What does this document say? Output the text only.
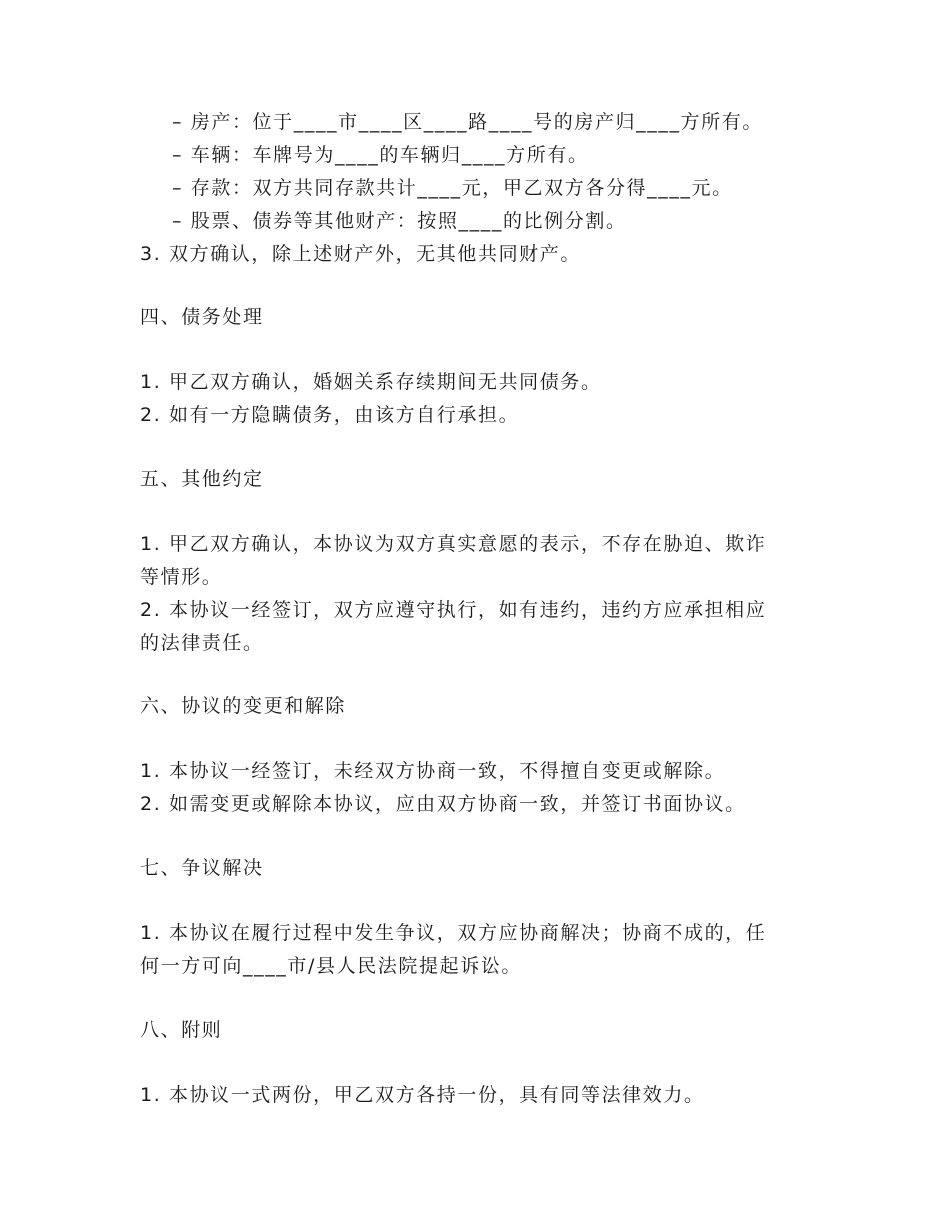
– 房产：位于____市____区____路____号的房产归____方所有。
– 车辆：车牌号为____的车辆归____方所有。
– 存款：双方共同存款共计____元，甲乙双方各分得____元。
– 股票、债券等其他财产：按照____的比例分割。
3. 双方确认，除上述财产外，无其他共同财产。
四、债务处理
1. 甲乙双方确认，婚姻关系存续期间无共同债务。
2. 如有一方隐瞒债务，由该方自行承担。
五、其他约定
1. 甲乙双方确认，本协议为双方真实意愿的表示，不存在胁迫、欺诈
等情形。
2. 本协议一经签订，双方应遵守执行，如有违约，违约方应承担相应
的法律责任。
六、协议的变更和解除
1. 本协议一经签订，未经双方协商一致，不得擅自变更或解除。
2. 如需变更或解除本协议，应由双方协商一致，并签订书面协议。
七、争议解决
1. 本协议在履行过程中发生争议，双方应协商解决；协商不成的，任
何一方可向____市/县人民法院提起诉讼。
八、附则
1. 本协议一式两份，甲乙双方各持一份，具有同等法律效力。
